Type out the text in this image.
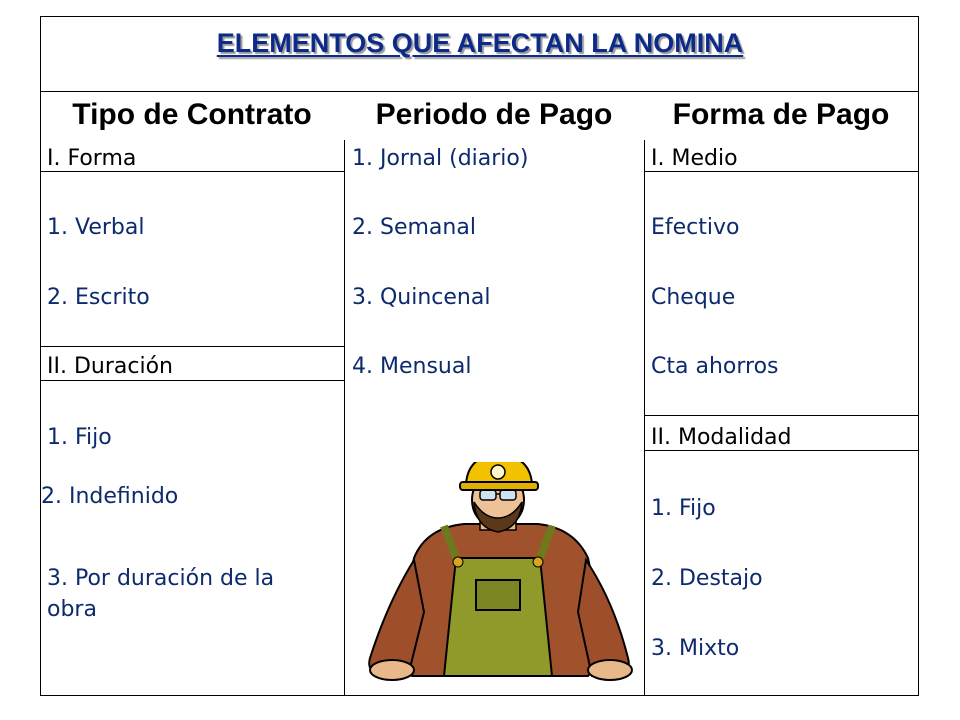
ELEMENTOS QUE AFECTAN LA NOMINA
Tipo de Contrato	Periodo de Pago	Forma de Pago
I. Forma
1. Verbal
2. Escrito
II. Duración
1. Fijo
2. Indefinido
3. Por duración de la obra
1. Jornal (diario)
2. Semanal
3. Quincenal
4. Mensual
I. Medio
Efectivo
Cheque
Cta ahorros
II. Modalidad
1. Fijo
2. Destajo
3. Mixto
